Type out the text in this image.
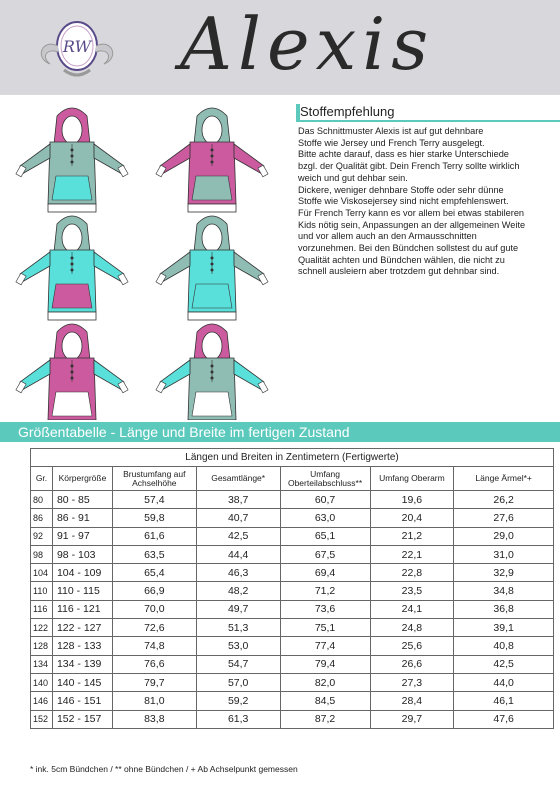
RW Alexis
Stoffempfehlung

Das Schnittmuster Alexis ist auf gut dehnbare

Stoffe wie Jersey und French Terry ausgelegt.

Bitte achte darauf, dass es hier starke Unterschiede

bzgl. der Qualität gibt. Dein French Terry sollte wirklich

weich und gut dehbar sein.

Dickere, weniger dehnbare Stoffe oder sehr dünne

Stoffe wie Viskosejersey sind nicht empfehlenswert.

Für French Terry kann es vor allem bei etwas stabileren

Kids nötig sein, Anpassungen an der allgemeinen Weite

und vor allem auch an den Armausschnitten

vorzunehmen. Bei den Bündchen sollstest du auf gute

Qualität achten und Bündchen wählen, die nicht zu

schnell ausleiern aber trotzdem gut dehnbar sind.

Größentabelle - Länge und Breite im fertigen Zustand
Längen und Breiten in Zentimetern (Fertigwerte)						
Gr.	Körpergröße	Brustumfang auf Achselhöhe	Gesamtlänge*	Umfang Oberteilabschluss**	Umfang Oberarm	Länge Ärmel*+
80	80 - 85	57,4	38,7	60,7	19,6	26,2
86	86 - 91	59,8	40,7	63,0	20,4	27,6
92	91 - 97	61,6	42,5	65,1	21,2	29,0
98	98 - 103	63,5	44,4	67,5	22,1	31,0
104	104 - 109	65,4	46,3	69,4	22,8	32,9
110	110 - 115	66,9	48,2	71,2	23,5	34,8
116	116 - 121	70,0	49,7	73,6	24,1	36,8
122	122 - 127	72,6	51,3	75,1	24,8	39,1
128	128 - 133	74,8	53,0	77,4	25,6	40,8
134	134 - 139	76,6	54,7	79,4	26,6	42,5
140	140 - 145	79,7	57,0	82,0	27,3	44,0
146	146 - 151	81,0	59,2	84,5	28,4	46,1
152	152 - 157	83,8	61,3	87,2	29,7	47,6
* ink. 5cm Bündchen / ** ohne Bündchen / + Ab Achselpunkt gemessen
